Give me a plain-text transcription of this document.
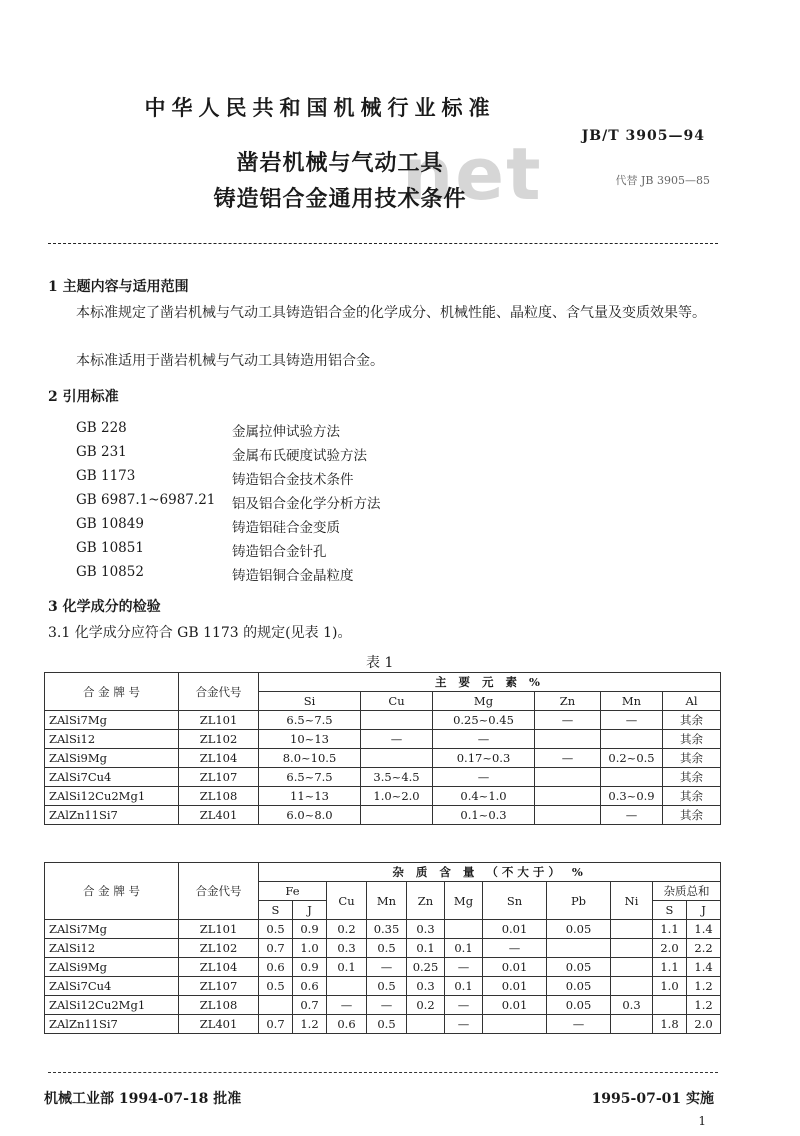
中华人民共和国机械行业标准
JB/T 3905—94
net
凿岩机械与气动工具
铸造铝合金通用技术条件
代替 JB 3905—85
1 主题内容与适用范围
本标准规定了凿岩机械与气动工具铸造铝合金的化学成分、机械性能、晶粒度、含气量及变质效果等。
本标准适用于凿岩机械与气动工具铸造用铝合金。
2 引用标准
GB 228	金属拉伸试验方法
GB 231	金属布氏硬度试验方法
GB 1173	铸造铝合金技术条件
GB 6987.1~6987.21 铝及铝合金化学分析方法
GB 10849	铸造铝硅合金变质
GB 10851	铸造铝合金针孔
GB 10852	铸造铝铜合金晶粒度
3 化学成分的检验
3.1 化学成分应符合 GB 1173 的规定(见表 1)。
表 1
合 金 牌 号	合金代号	主 要 元 素 %					
		Si	Cu	Mg	Zn	Mn	Al
ZAlSi7Mg	ZL101	6.5~7.5		0.25~0.45	—	—	其余
ZAlSi12	ZL102	10~13	—	—			其余
ZAlSi9Mg	ZL104	8.0~10.5		0.17~0.3	—	0.2~0.5	其余
ZAlSi7Cu4	ZL107	6.5~7.5	3.5~4.5	—			其余
ZAlSi12Cu2Mg1	ZL108	11~13	1.0~2.0	0.4~1.0		0.3~0.9	其余
ZAlZn11Si7	ZL401	6.0~8.0		0.1~0.3		—	其余
合 金 牌 号	合金代号	杂 质 含 量 （不大于） %										
		Fe		Cu	Mn	Zn	Mg	Sn	Pb	Ni	杂质总和	
		S	J								S	J
ZAlSi7Mg	ZL101	0.5	0.9	0.2	0.35	0.3		0.01	0.05		1.1	1.4
ZAlSi12	ZL102	0.7	1.0	0.3	0.5	0.1	0.1	—			2.0	2.2
ZAlSi9Mg	ZL104	0.6	0.9	0.1	—	0.25	—	0.01	0.05		1.1	1.4
ZAlSi7Cu4	ZL107	0.5	0.6		0.5	0.3	0.1	0.01	0.05		1.0	1.2
ZAlSi12Cu2Mg1	ZL108		0.7	—	—	0.2	—	0.01	0.05	0.3		1.2
ZAlZn11Si7	ZL401	0.7	1.2	0.6	0.5		—		—		1.8	2.0
机械工业部 1994-07-18 批准	1995-07-01 实施
1
